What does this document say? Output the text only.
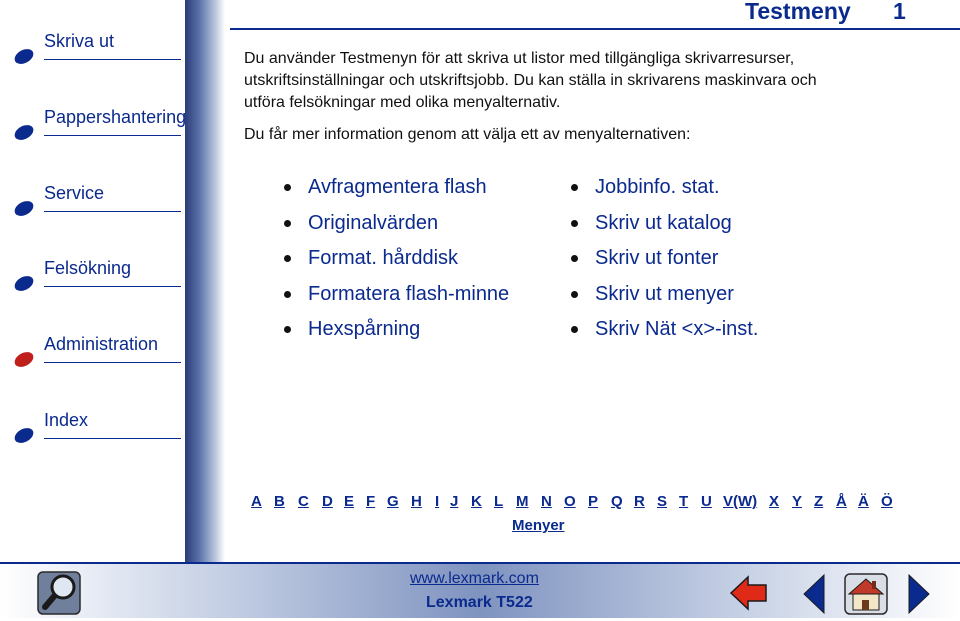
Skriva ut
Pappershantering
Service
Felsökning
Administration
Index
Testmeny 1
Du använder Testmenyn för att skriva ut listor med tillgängliga skrivarresurser, utskriftsinställningar och utskriftsjobb. Du kan ställa in skrivarens maskinvara och utföra felsökningar med olika menyalternativ.
Du får mer information genom att välja ett av menyalternativen:
Avfragmentera flash
Originalvärden
Format. hårddisk
Formatera flash-minne
Hexspårning
Jobbinfo. stat.
Skriv ut katalog
Skriv ut fonter
Skriv ut menyer
Skriv Nät <x>-inst.
A B C D E F G H I J K L M N O P Q R S T U V(W) X Y Z Å Ä Ö
Menyer
www.lexmark.com
Lexmark T522
